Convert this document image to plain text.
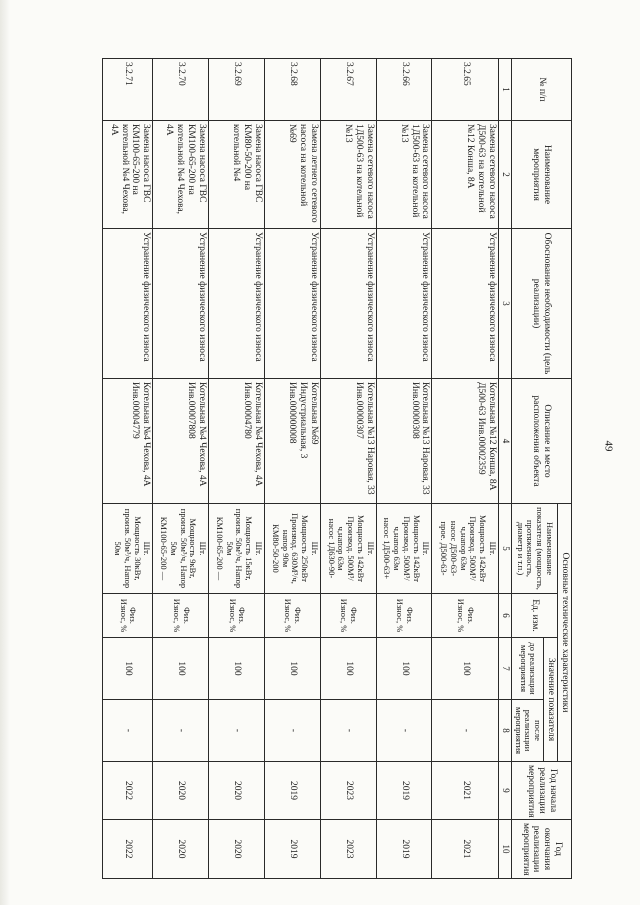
49
№ п/п	Наименование мероприятия	Обоснование необходимости (цель реализации)	Описание и место расположения объекта	Основные технические характеристики				Год начала реализации мероприятия	Год окончания реализации мероприятия
				Наименование показателя (мощность, протяженность, диаметр и т.п.)	Ед. изм.	Значение показателя			
						до реализации мероприятия	после реализации мероприятия		
1	2	3	4	5	6	7	8	9	10
3.2.65	Замена сетевого насоса Д500-63 на котельной №12 Конша, 8А	Устранение физического износа	Котельная №12 Конша, 8А Д500-63 Инв.00002359	Шт.
Мощность 142кВт
Производ. 500М³/ч,напор 63м
насос Д500-63-
прое. Д500-63-	Физ. Износ, %	100	-	2021	2021
3.2.66	Замена сетевого насоса 1Д500-63 на котельной №13	Устранение физического износа	Котельная №13 Наровая, 33 Инв.00000308	Шт.
Мощность 142кВт
Производ. 500М³/ч,напор 63м
насос 1Д500-63+	Физ. Износ, %	100	-	2019	2019
3.2.67	Замена сетевого насоса 1Д500-63 на котельной №13	Устранение физического износа	Котельная №13 Наровая, 33 Инв.00000307	Шт.
Мощность 142кВт
Производ. 500М³/ч,напор 63м
насос 1Д630-90-	Физ. Износ, %	100	-	2023	2023
3.2.68	Замена летнего сетевого насоса на котельной №69	Устранение физического износа	Котельная №69 Индустриальная, 3 Инв.000000008	Шт.
Мощность 250кВт Производ. 630М³/ч, напор 90м
КМ80-50-200	Физ. Износ, %	100	-	2019	2019
3.2.69	Замена насоса ГВС КМ80-50-200 на котельной №4	Устранение физического износа	Котельная №4 Чехова, 4А Инв.00004780	Шт.
Мощность 15кВт, произв. 50м³/ч, Напор 50м
КМ100-65-200 —	Физ. Износ, %	100	-	2020	2020
3.2.70	Замена насоса ГВС КМ100-65-200 на котельной №4 Чехова, 4А	Устранение физического износа	Котельная №4 Чехова, 4А Инв.00007808	Шт.
Мощность 9кВт, произв. 50м³/ч, Напор 50м
КМ100-65-200 —	Физ. Износ, %	100	-	2020	2020
3.2.71	Замена насоса ГВС КМ100-65-200 на котельной №4 Чехова, 4А	Устранение физического износа	Котельная №4 Чехова, 4А Инв.00004779	Шт.
Мощность 30кВт, произв. 50м³/ч, Напор 50м	Физ. Износ, %	100	-	2022	2022
